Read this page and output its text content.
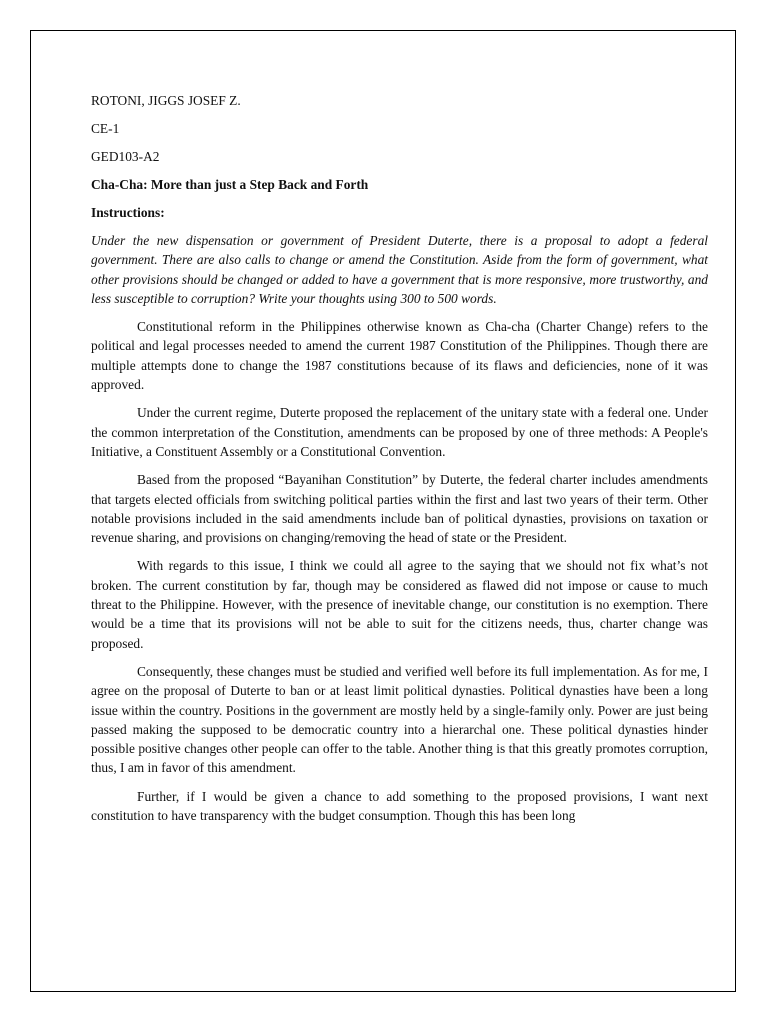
ROTONI, JIGGS JOSEF Z.
CE-1
GED103-A2
Cha-Cha: More than just a Step Back and Forth
Instructions:

Under the new dispensation or government of President Duterte, there is a proposal to adopt a federal government. There are also calls to change or amend the Constitution. Aside from the form of government, what other provisions should be changed or added to have a government that is more responsive, more trustworthy, and less susceptible to corruption? Write your thoughts using 300 to 500 words.

Constitutional reform in the Philippines otherwise known as Cha-cha (Charter Change) refers to the political and legal processes needed to amend the current 1987 Constitution of the Philippines. Though there are multiple attempts done to change the 1987 constitutions because of its flaws and deficiencies, none of it was approved.

Under the current regime, Duterte proposed the replacement of the unitary state with a federal one. Under the common interpretation of the Constitution, amendments can be proposed by one of three methods: A People's Initiative, a Constituent Assembly or a Constitutional Convention.

Based from the proposed “Bayanihan Constitution” by Duterte, the federal charter includes amendments that targets elected officials from switching political parties within the first and last two years of their term. Other notable provisions included in the said amendments include ban of political dynasties, provisions on taxation or revenue sharing, and provisions on changing/removing the head of state or the President.

With regards to this issue, I think we could all agree to the saying that we should not fix what’s not broken. The current constitution by far, though may be considered as flawed did not impose or cause to much threat to the Philippine. However, with the presence of inevitable change, our constitution is no exemption. There would be a time that its provisions will not be able to suit for the citizens needs, thus, charter change was proposed.

Consequently, these changes must be studied and verified well before its full implementation. As for me, I agree on the proposal of Duterte to ban or at least limit political dynasties. Political dynasties have been a long issue within the country. Positions in the government are mostly held by a single-family only. Power are just being passed making the supposed to be democratic country into a hierarchal one. These political dynasties hinder possible positive changes other people can offer to the table. Another thing is that this greatly promotes corruption, thus, I am in favor of this amendment.

Further, if I would be given a chance to add something to the proposed provisions, I want next constitution to have transparency with the budget consumption. Though this has been long
